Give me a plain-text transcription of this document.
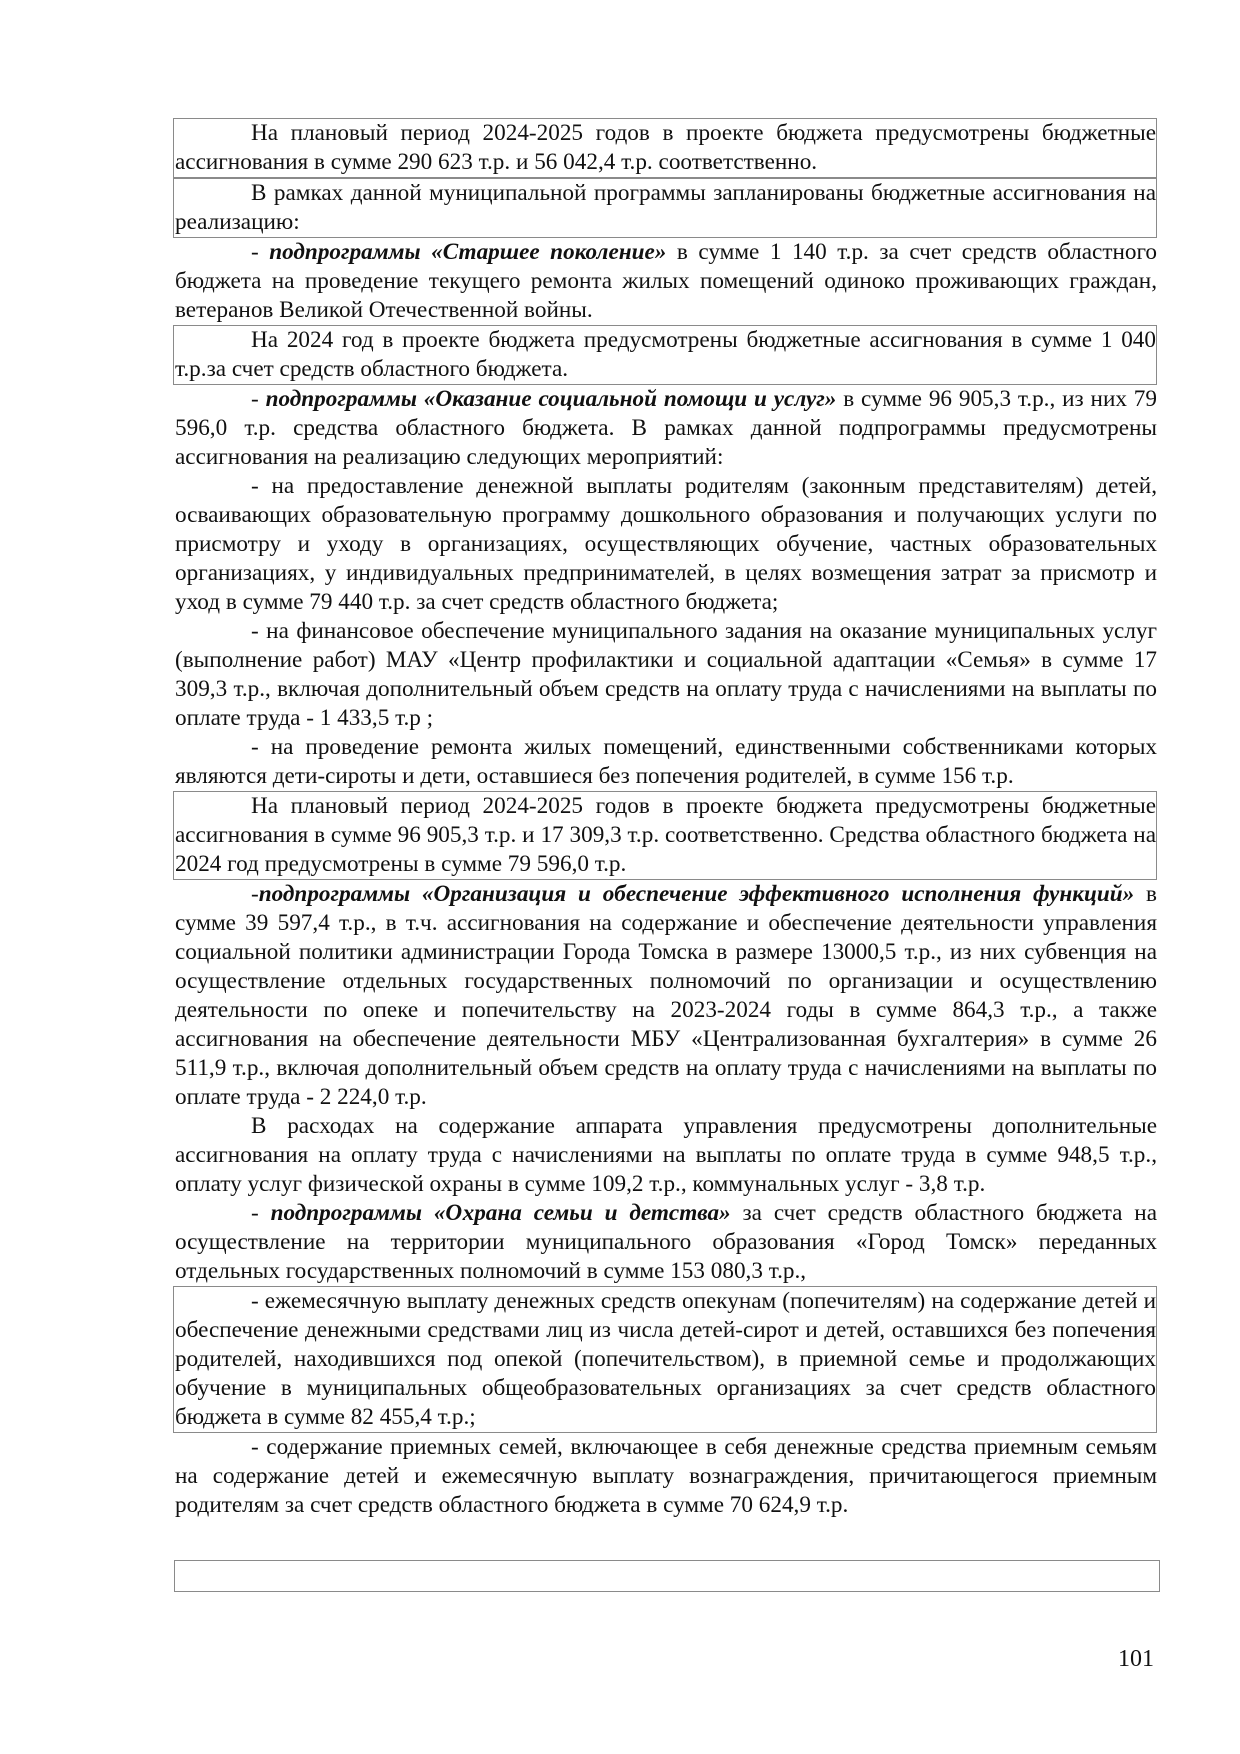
На плановый период 2024-2025 годов в проекте бюджета предусмотрены бюджетные ассигнования в сумме 290 623 т.р. и 56 042,4 т.р. соответственно.

В рамках данной муниципальной программы запланированы бюджетные ассигнования на реализацию:

- подпрограммы «Старшее поколение» в сумме 1 140 т.р. за счет средств областного бюджета на проведение текущего ремонта жилых помещений одиноко проживающих граждан, ветеранов Великой Отечественной войны.

На 2024 год в проекте бюджета предусмотрены бюджетные ассигнования в сумме 1 040 т.р.за счет средств областного бюджета.

- подпрограммы «Оказание социальной помощи и услуг» в сумме 96 905,3 т.р., из них 79 596,0 т.р. средства областного бюджета. В рамках данной подпрограммы предусмотрены ассигнования на реализацию следующих мероприятий:

- на предоставление денежной выплаты родителям (законным представителям) детей, осваивающих образовательную программу дошкольного образования и получающих услуги по присмотру и уходу в организациях, осуществляющих обучение, частных образовательных организациях, у индивидуальных предпринимателей, в целях возмещения затрат за присмотр и уход в сумме 79 440 т.р. за счет средств областного бюджета;

- на финансовое обеспечение муниципального задания на оказание муниципальных услуг (выполнение работ) МАУ «Центр профилактики и социальной адаптации «Семья» в сумме 17 309,3 т.р., включая дополнительный объем средств на оплату труда с начислениями на выплаты по оплате труда - 1 433,5 т.р ;

- на проведение ремонта жилых помещений, единственными собственниками которых являются дети-сироты и дети, оставшиеся без попечения родителей, в сумме 156 т.р.

На плановый период 2024-2025 годов в проекте бюджета предусмотрены бюджетные ассигнования в сумме 96 905,3 т.р. и 17 309,3 т.р. соответственно. Средства областного бюджета на 2024 год предусмотрены в сумме 79 596,0 т.р.

-подпрограммы «Организация и обеспечение эффективного исполнения функций» в сумме 39 597,4 т.р., в т.ч. ассигнования на содержание и обеспечение деятельности управления социальной политики администрации Города Томска в размере 13000,5 т.р., из них субвенция на осуществление отдельных государственных полномочий по организации и осуществлению деятельности по опеке и попечительству на 2023-2024 годы в сумме 864,3 т.р., а также ассигнования на обеспечение деятельности МБУ «Централизованная бухгалтерия» в сумме 26 511,9 т.р., включая дополнительный объем средств на оплату труда с начислениями на выплаты по оплате труда - 2 224,0 т.р.

В расходах на содержание аппарата управления предусмотрены дополнительные ассигнования на оплату труда с начислениями на выплаты по оплате труда в сумме 948,5 т.р., оплату услуг физической охраны в сумме 109,2 т.р., коммунальных услуг - 3,8 т.р.

- подпрограммы «Охрана семьи и детства» за счет средств областного бюджета на осуществление на территории муниципального образования «Город Томск» переданных отдельных государственных полномочий в сумме 153 080,3 т.р.,

- ежемесячную выплату денежных средств опекунам (попечителям) на содержание детей и обеспечение денежными средствами лиц из числа детей-сирот и детей, оставшихся без попечения родителей, находившихся под опекой (попечительством), в приемной семье и продолжающих обучение в муниципальных общеобразовательных организациях за счет средств областного бюджета в сумме 82 455,4 т.р.;

- содержание приемных семей, включающее в себя денежные средства приемным семьям на содержание детей и ежемесячную выплату вознаграждения, причитающегося приемным родителям за счет средств областного бюджета в сумме 70 624,9 т.р.

101
